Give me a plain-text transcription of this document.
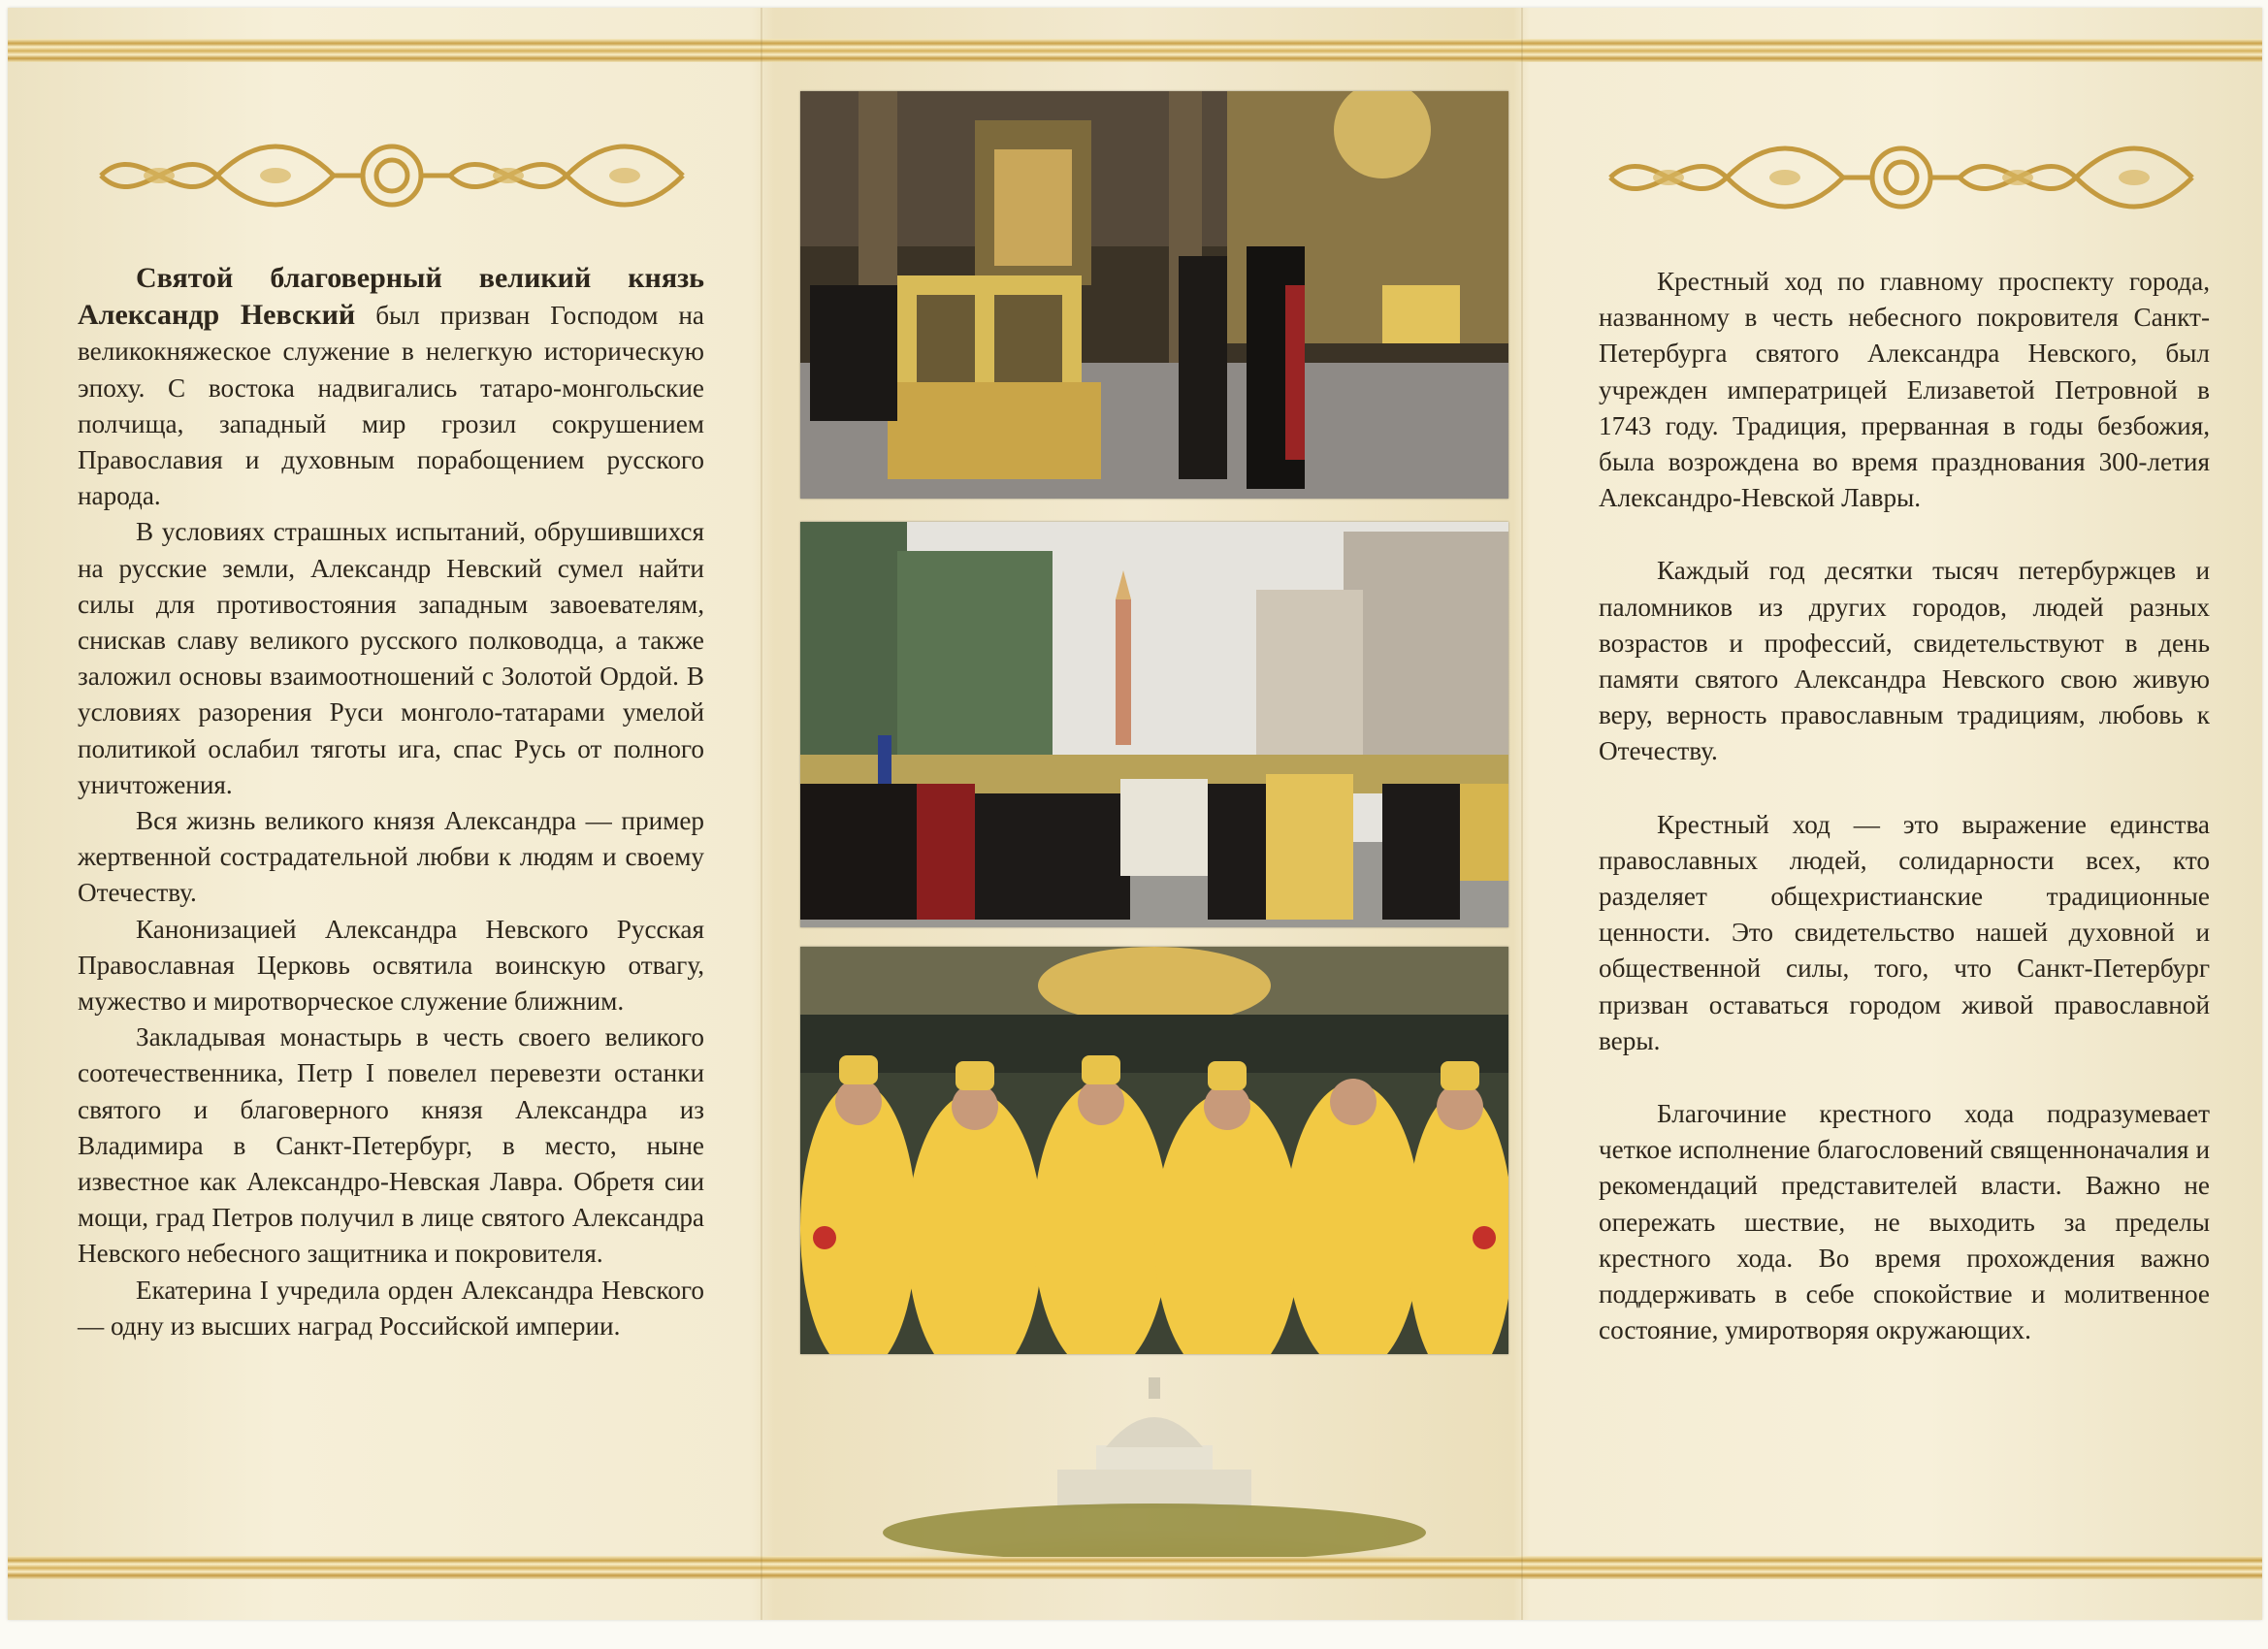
Святой благоверный великий князь Александр Невский был призван Господом на великокняжеское служение в нелегкую историческую эпоху. С востока надвигались татаро-монгольские полчища, западный мир грозил сокрушением Православия и духовным порабощением русского народа.

В условиях страшных испытаний, обрушившихся на русские земли, Александр Невский сумел найти силы для противостояния западным завоевателям, снискав славу великого русского полководца, а также заложил основы взаимоотношений с Золотой Ордой. В условиях разорения Руси монголо-татарами умелой политикой ослабил тяготы ига, спас Русь от полного уничтожения.

Вся жизнь великого князя Александра — пример жертвенной сострадательной любви к людям и своему Отечеству.

Канонизацией Александра Невского Русская Православная Церковь освятила воинскую отвагу, мужество и миротворческое служение ближним.

Закладывая монастырь в честь своего великого соотечественника, Петр I повелел перевезти останки святого и благоверного князя Александра из Владимира в Санкт-Петербург, в место, ныне известное как Александро-Невская Лавра. Обретя сии мощи, град Петров получил в лице святого Александра Невского небесного защитника и покровителя.

Екатерина I учредила орден Александра Невского — одну из высших наград Российской империи.

Крестный ход по главному проспекту города, названному в честь небесного покровителя Санкт-Петербурга святого Александра Невского, был учрежден императрицей Елизаветой Петровной в 1743 году. Традиция, прерванная в годы безбожия, была возрождена во время празднования 300-летия Александро-Невской Лавры.

Каждый год десятки тысяч петербуржцев и паломников из других городов, людей разных возрастов и профессий, свидетельствуют в день памяти святого Александра Невского свою живую веру, верность православным традициям, любовь к Отечеству.

Крестный ход — это выражение единства православных людей, солидарности всех, кто разделяет общехристианские традиционные ценности. Это свидетельство нашей духовной и общественной силы, того, что Санкт-Петербург призван оставаться городом живой православной веры.

Благочиние крестного хода подразумевает четкое исполнение благословений священноначалия и рекомендаций представителей власти. Важно не опережать шествие, не выходить за пределы крестного хода. Во время прохождения важно поддерживать в себе спокойствие и молитвенное состояние, умиротворяя окружающих.
